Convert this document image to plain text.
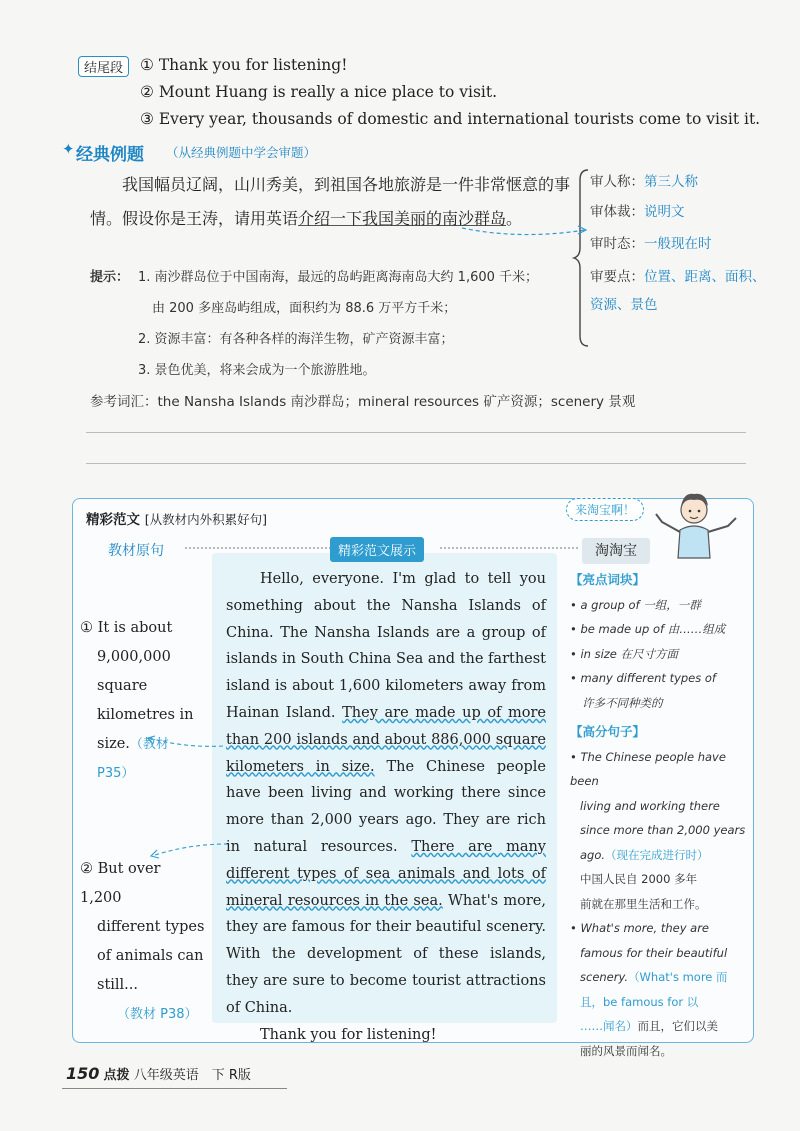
结尾段	① Thank you for listening!
② Mount Huang is really a nice place to visit.
③ Every year, thousands of domestic and international tourists come to visit it.
✦ 经典例题 （从经典例题中学会审题）
我国幅员辽阔，山川秀美，到祖国各地旅游是一件非常惬意的事情。假设你是王涛，请用英语介绍一下我国美丽的南沙群岛。
审人称：第三人称
审体裁：说明文
审时态：一般现在时
审要点：位置、距离、面积、
资源、景色
提示： 1. 南沙群岛位于中国南海，最远的岛屿距离海南岛大约 1,600 千米；
由 200 多座岛屿组成，面积约为 88.6 万平方千米；
2. 资源丰富：有各种各样的海洋生物，矿产资源丰富；
3. 景色优美，将来会成为一个旅游胜地。
参考词汇：the Nansha Islands 南沙群岛；mineral resources 矿产资源；scenery 景观
精彩范文 [从教材内外积累好句]
来淘宝啊！
教材原句	精彩范文展示	淘淘宝
① It is about
9,000,000 square
kilometres in
size.（教材
P35）
② But over 1,200
different types
of animals can
still...
（教材 P38）

Hello, everyone. I'm glad to tell you something about the Nansha Islands of China. The Nansha Islands are a group of islands in South China Sea and the farthest island is about 1,600 kilometers away from Hainan Island. They are made up of more than 200 islands and about 886,000 square kilometers in size. The Chinese people have been living and working there since more than 2,000 years ago. They are rich in natural resources. There are many different types of sea animals and lots of mineral resources in the sea. What's more, they are famous for their beautiful scenery. With the development of these islands, they are sure to become tourist attractions of China.

Thank you for listening!

【亮点词块】
• a group of 一组，一群
• be made up of 由……组成
• in size 在尺寸方面
• many different types of
许多不同种类的
【高分句子】
• The Chinese people have been
living and working there
since more than 2,000 years
ago.（现在完成进行时）
中国人民自 2000 多年
前就在那里生活和工作。
• What's more, they are
famous for their beautiful
scenery.（What's more 而
且，be famous for 以
……闻名）而且，它们以美
丽的风景而闻名。
150 点拨 八年级英语　下 R版
